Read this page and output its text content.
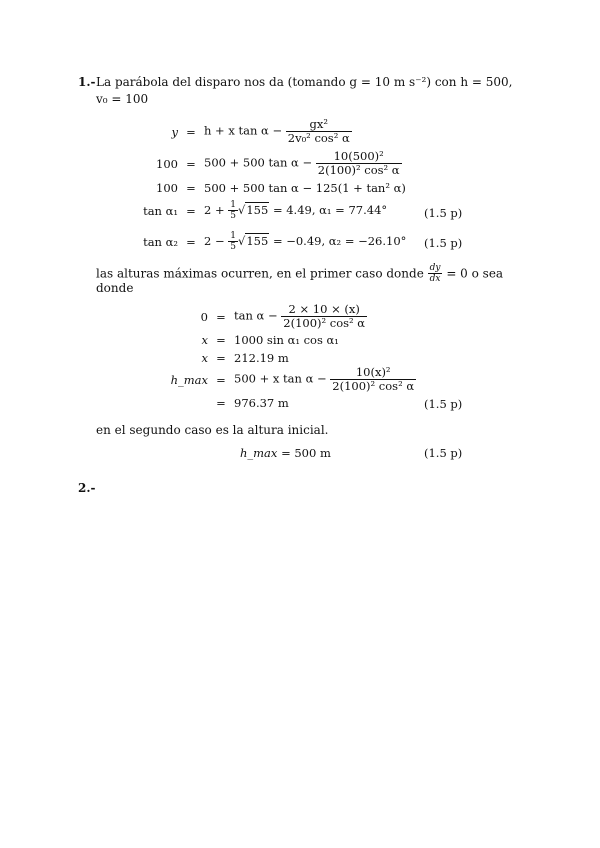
1.- La parábola del disparo nos da (tomando g = 10 m s⁻²) con h = 500,
v₀ = 100
y = h + x $\tan \alpha - \frac{\text{gx²}}{\text{2v₀² cos² α}}$
100 = 500 + 500 $\tan \alpha - \frac{\text{10(500)²}}{\text{2(100)² cos² α}}$
100 = 500 + 500 tan α − 125(1 + tan² α)
$\tan \alpha_1 = 2 + \frac{1}{5} √155 = 4.49$, α₁ = 77.44°	(1.5 p)
$\tan \alpha_2 = 2 - \frac{1}{5} √155 = -0.49$, α₂ = −26.10°	(1.5 p)
las alturas máximas ocurren, en el primer caso donde $\frac{dy}{dx} = 0$ o sea
donde
$0 = \tan \alpha - \frac{2 \times 10 \times (x)}{\text{2(100)² cos² α}}$
x = 1000 sin α₁ cos α₁
x = 212.19 m
h_max = 500 + x $\tan \alpha - \frac{\text{10(x)²}}{\text{2(100)² cos² α}}$
= 976.37 m	(1.5 p)
en el segundo caso es la altura inicial.
h_max = 500 m	(1.5 p)
2.-
